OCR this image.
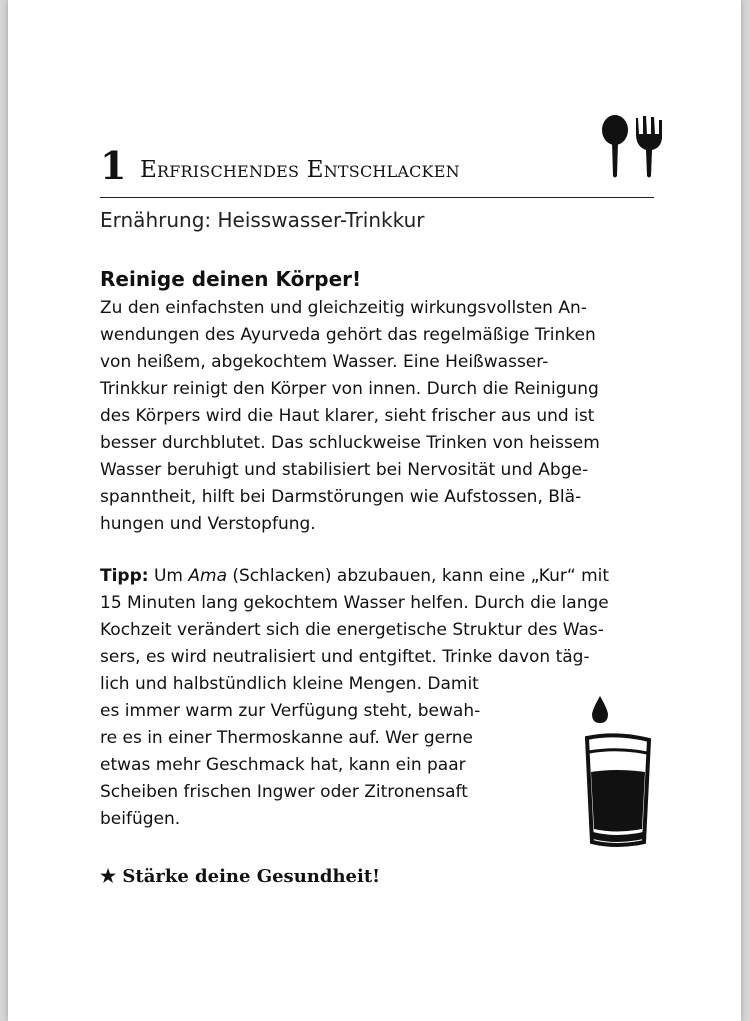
1 Erfrischendes Entschlacken
Ernährung: Heisswasser-Trinkkur
Reinige deinen Körper!
Zu den einfachsten und gleichzeitig wirkungsvollsten An-
wendungen des Ayurveda gehört das regelmäßige Trinken
von heißem, abgekochtem Wasser. Eine Heißwasser-
Trinkkur reinigt den Körper von innen. Durch die Reinigung
des Körpers wird die Haut klarer, sieht frischer aus und ist
besser durchblutet. Das schluckweise Trinken von heissem
Wasser beruhigt und stabilisiert bei Nervosität und Abge-
spanntheit, hilft bei Darmstörungen wie Aufstossen, Blä-
hungen und Verstopfung.
Tipp: Um Ama (Schlacken) abzubauen, kann eine „Kur“ mit
15 Minuten lang gekochtem Wasser helfen. Durch die lange
Kochzeit verändert sich die energetische Struktur des Was-
sers, es wird neutralisiert und entgiftet. Trinke davon täg-
lich und halbstündlich kleine Mengen. Damit
es immer warm zur Verfügung steht, bewah-
re es in einer Thermoskanne auf. Wer gerne
etwas mehr Geschmack hat, kann ein paar
Scheiben frischen Ingwer oder Zitronensaft
beifügen.
★ Stärke deine Gesundheit!
